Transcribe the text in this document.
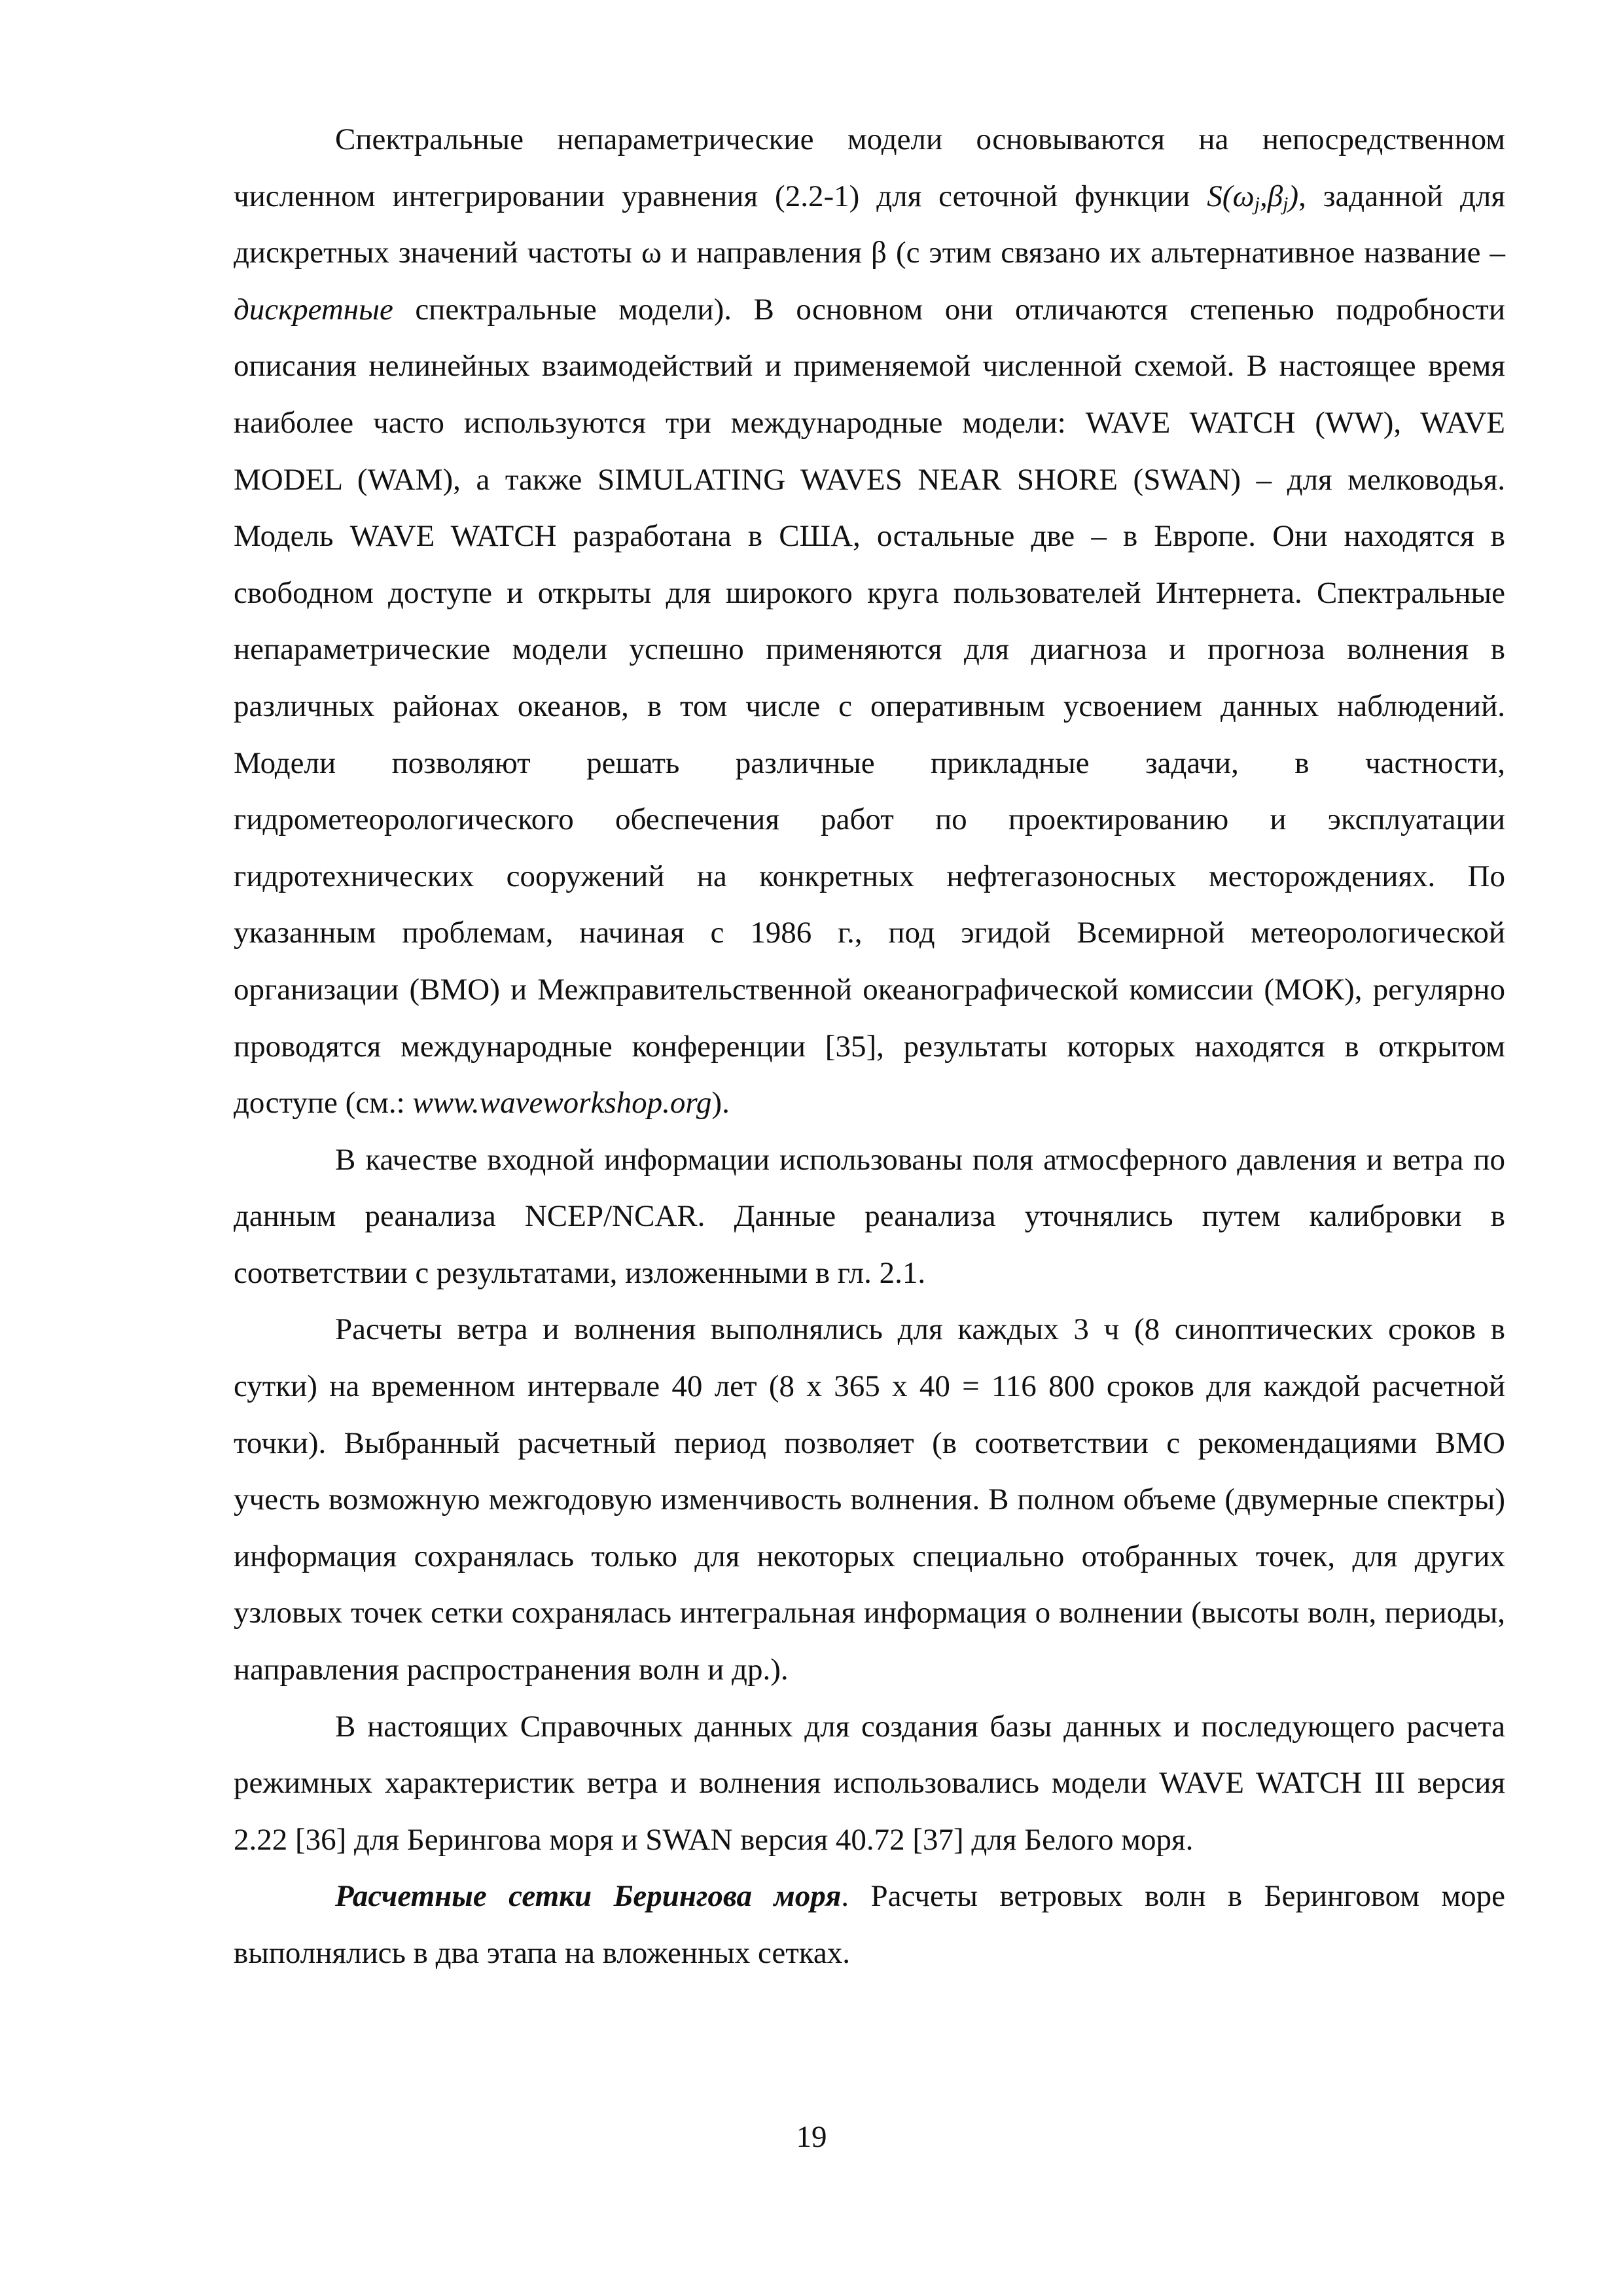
Спектральные непараметрические модели основываются на непосредственном численном интегрировании уравнения (2.2-1) для сеточной функции $S(\omega_j,\beta_j)$, заданной для дискретных значений частоты ω и направления β (с этим связано их альтернативное название – дискретные спектральные модели). В основном они отличаются степенью подробности описания нелинейных взаимодействий и применяемой численной схемой. В настоящее время наиболее часто используются три международные модели: WAVE WATCH (WW), WAVE MODEL (WAM), а также SIMULATING WAVES NEAR SHORE (SWAN) – для мелководья. Модель WAVE WATCH разработана в США, остальные две – в Европе. Они находятся в свободном доступе и открыты для широкого круга пользователей Интернета. Спектральные непараметрические модели успешно применяются для диагноза и прогноза волнения в различных районах океанов, в том числе с оперативным усвоением данных наблюдений. Модели позволяют решать различные прикладные задачи, в частности, гидрометеорологического обеспечения работ по проектированию и эксплуатации гидротехнических сооружений на конкретных нефтегазоносных месторождениях. По указанным проблемам, начиная с 1986 г., под эгидой Всемирной метеорологической организации (ВМО) и Межправительственной океанографической комиссии (МОК), регулярно проводятся международные конференции [35], результаты которых находятся в открытом доступе (см.: www.waveworkshop.org).

В качестве входной информации использованы поля атмосферного давления и ветра по данным реанализа NCEP/NCAR. Данные реанализа уточнялись путем калибровки в соответствии с результатами, изложенными в гл. 2.1.

Расчеты ветра и волнения выполнялись для каждых 3 ч (8 синоптических сроков в сутки) на временном интервале 40 лет (8 x 365 x 40 = 116 800 сроков для каждой расчетной точки). Выбранный расчетный период позволяет (в соответствии с рекомендациями ВМО учесть возможную межгодовую изменчивость волнения. В полном объеме (двумерные спектры) информация сохранялась только для некоторых специально отобранных точек, для других узловых точек сетки сохранялась интегральная информация о волнении (высоты волн, периоды, направления распространения волн и др.).

В настоящих Справочных данных для создания базы данных и последующего расчета режимных характеристик ветра и волнения использовались модели WAVE WATCH III версия 2.22 [36] для Берингова моря и SWAN версия 40.72 [37] для Белого моря.

Расчетные сетки Берингова моря. Расчеты ветровых волн в Беринговом море выполнялись в два этапа на вложенных сетках.

19
